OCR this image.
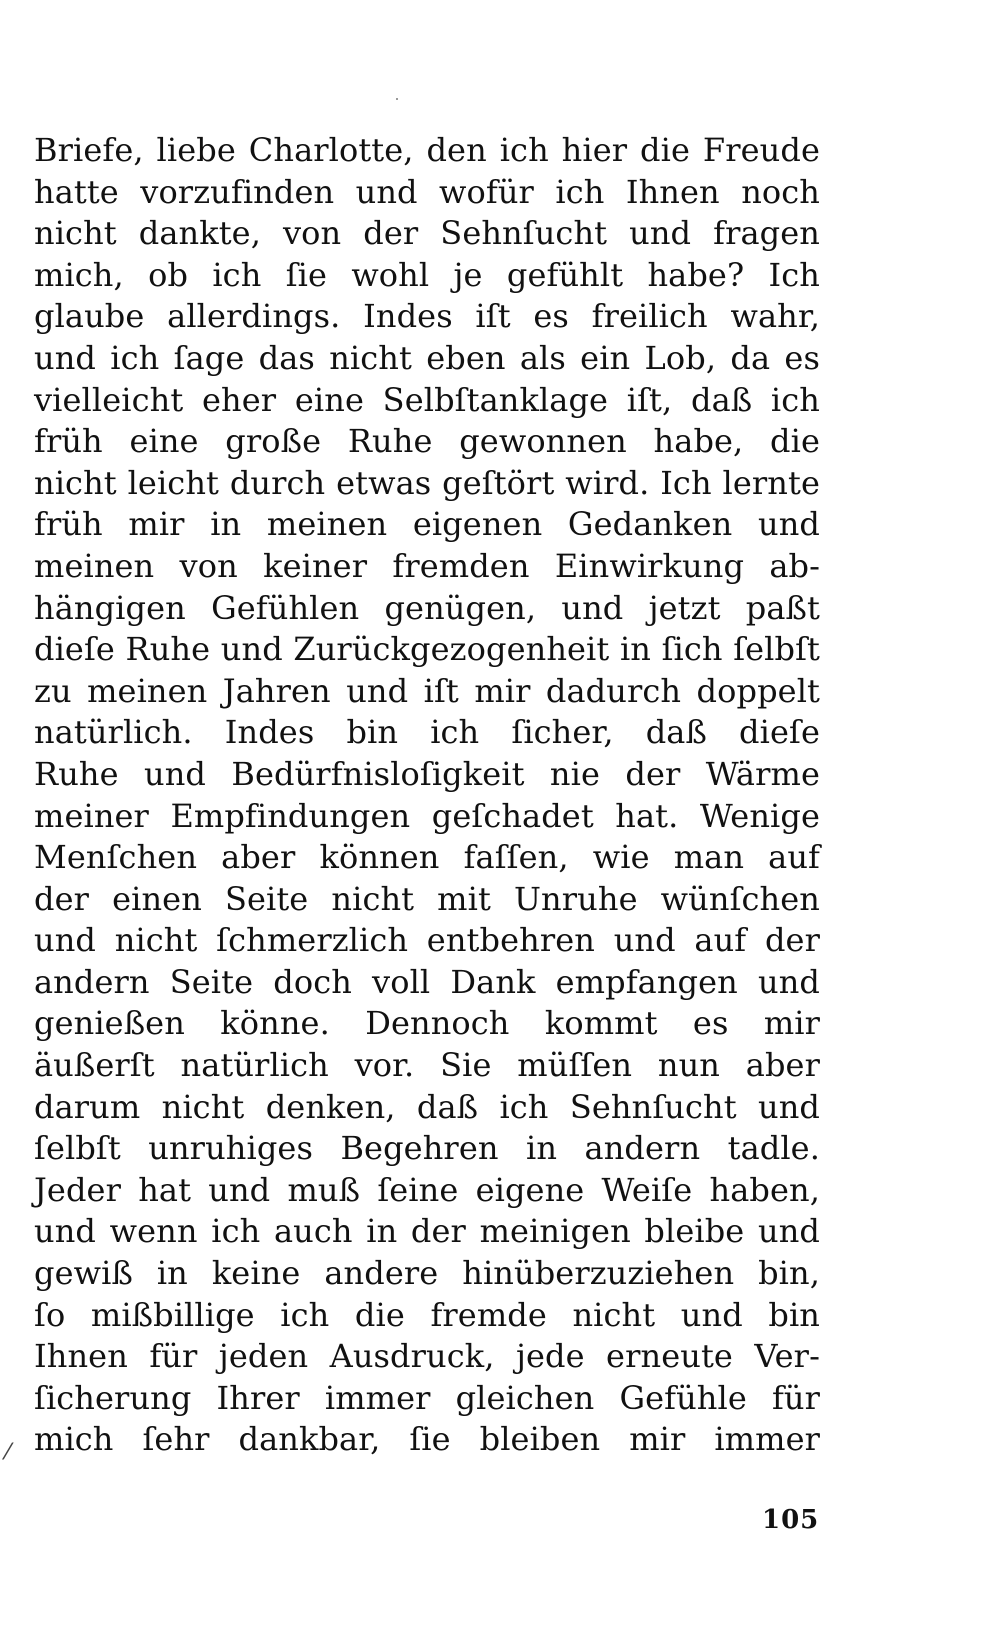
Briefe, liebe Charlotte, den ich hier die Freude
hatte vorzufinden und wofür ich Ihnen noch
nicht dankte, von der Sehnſucht und fragen
mich, ob ich ſie wohl je gefühlt habe? Ich
glaube allerdings. Indes iſt es freilich wahr,
und ich ſage das nicht eben als ein Lob, da es
vielleicht eher eine Selbſtanklage iſt, daß ich
früh eine große Ruhe gewonnen habe, die
nicht leicht durch etwas geſtört wird. Ich lernte
früh mir in meinen eigenen Gedanken und
meinen von keiner fremden Einwirkung ab-
hängigen Gefühlen genügen, und jetzt paßt
dieſe Ruhe und Zurückgezogenheit in ſich ſelbſt
zu meinen Jahren und iſt mir dadurch doppelt
natürlich. Indes bin ich ſicher, daß dieſe
Ruhe und Bedürfnisloſigkeit nie der Wärme
meiner Empfindungen geſchadet hat. Wenige
Menſchen aber können faſſen, wie man auf
der einen Seite nicht mit Unruhe wünſchen
und nicht ſchmerzlich entbehren und auf der
andern Seite doch voll Dank empfangen und
genießen könne. Dennoch kommt es mir
äußerſt natürlich vor. Sie müſſen nun aber
darum nicht denken, daß ich Sehnſucht und
ſelbſt unruhiges Begehren in andern tadle.
Jeder hat und muß ſeine eigene Weiſe haben,
und wenn ich auch in der meinigen bleibe und
gewiß in keine andere hinüberzuziehen bin,
ſo mißbillige ich die fremde nicht und bin
Ihnen für jeden Ausdruck, jede erneute Ver-
ſicherung Ihrer immer gleichen Gefühle für
mich ſehr dankbar, ſie bleiben mir immer
⁄
105
